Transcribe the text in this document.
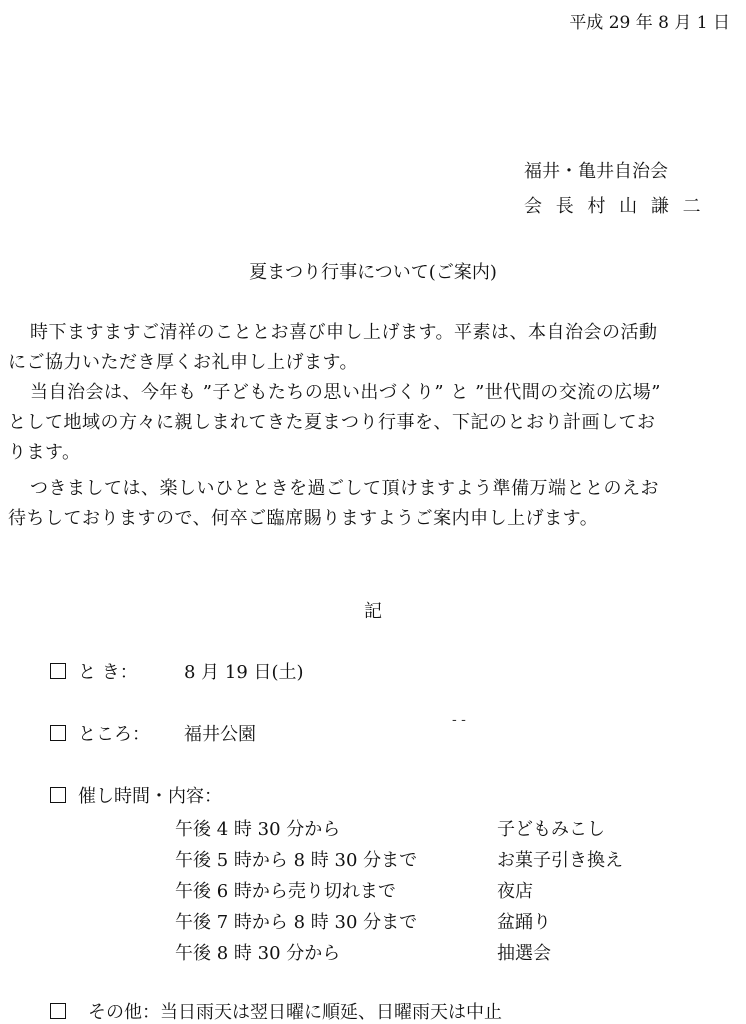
平成 29 年 8 月 1 日
福井・亀井自治会
会 長 村 山 謙 二
夏まつり行事について(ご案内)
時下ますますご清祥のこととお喜び申し上げます。平素は、本自治会の活動
にご協力いただき厚くお礼申し上げます。
当自治会は、今年も ”子どもたちの思い出づくり” と ”世代間の交流の広場”
として地域の方々に親しまれてきた夏まつり行事を、下記のとおり計画してお
ります。
つきましては、楽しいひとときを過ごして頂けますよう準備万端ととのえお
待ちしておりますので、何卒ご臨席賜りますようご案内申し上げます。
記
と き：	8 月 19 日(土)
‑ ‑
ところ： 福井公園
催し時間・内容：
午後 4 時 30 分から	子どもみこし
午後 5 時から 8 時 30 分まで	お菓子引き換え
午後 6 時から売り切れまで	夜店
午後 7 時から 8 時 30 分まで	盆踊り
午後 8 時 30 分から	抽選会
その他：当日雨天は翌日曜に順延、日曜雨天は中止
